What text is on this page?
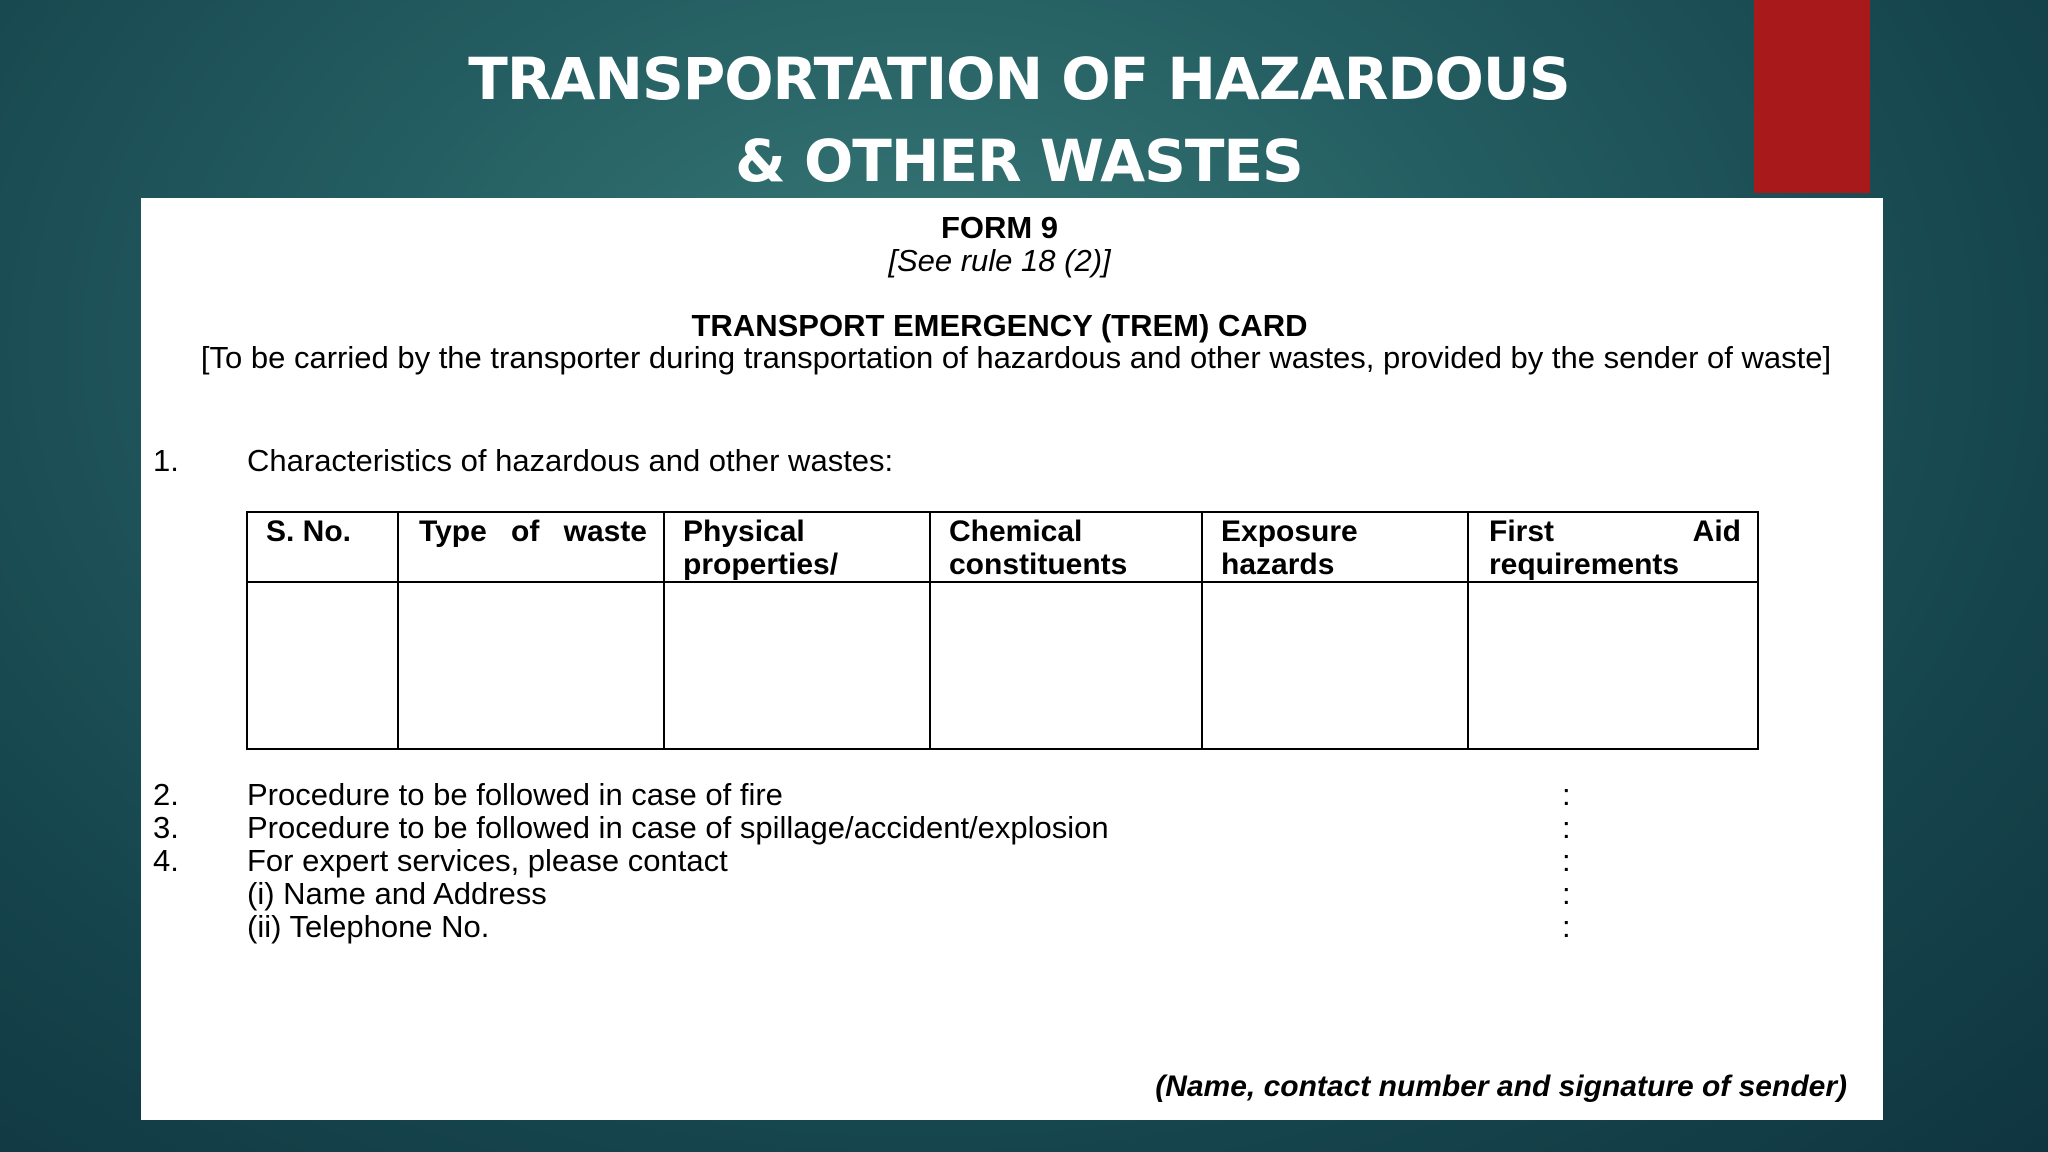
TRANSPORTATION OF HAZARDOUS
& OTHER WASTES
FORM 9
[See rule 18 (2)]
TRANSPORT EMERGENCY (TREM) CARD
[To be carried by the transporter during transportation of hazardous and other wastes, provided by the sender of waste]
1. Characteristics of hazardous and other wastes:
S. No.	Type of waste	Physical properties/	Chemical constituents	Exposure hazards	First Aid requirements

2. Procedure to be followed in case of fire	:
3. Procedure to be followed in case of spillage/accident/explosion	:
4. For expert services, please contact	:
(i) Name and Address	:
(ii) Telephone No.	:
(Name, contact number and signature of sender)
